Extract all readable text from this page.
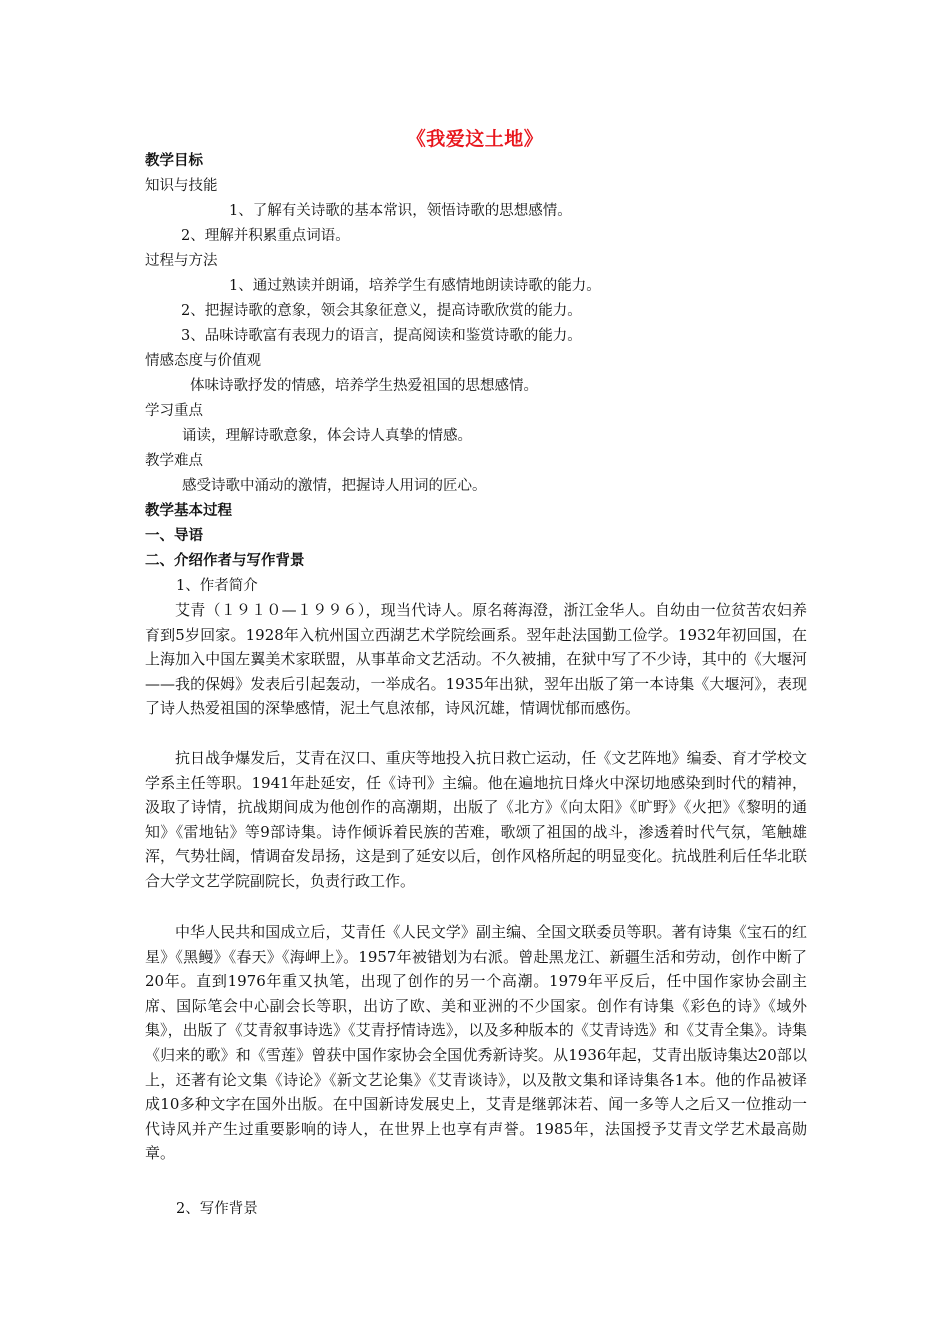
《我爱这土地》
教学目标
知识与技能
1、了解有关诗歌的基本常识，领悟诗歌的思想感情。
2、理解并积累重点词语。
过程与方法
1、通过熟读并朗诵，培养学生有感情地朗读诗歌的能力。
2、把握诗歌的意象，领会其象征意义，提高诗歌欣赏的能力。
3、品味诗歌富有表现力的语言，提高阅读和鉴赏诗歌的能力。
情感态度与价值观
体味诗歌抒发的情感，培养学生热爱祖国的思想感情。
学习重点
诵读，理解诗歌意象，体会诗人真挚的情感。
教学难点
感受诗歌中涌动的激情，把握诗人用词的匠心。
教学基本过程
一、导语
二、介绍作者与写作背景
1、作者简介
艾青（１９１０—１９９６），现当代诗人。原名蒋海澄，浙江金华人。自幼由一位贫苦农妇养育到5岁回家。1928年入杭州国立西湖艺术学院绘画系。翌年赴法国勤工俭学。1932年初回国，在上海加入中国左翼美术家联盟，从事革命文艺活动。不久被捕，在狱中写了不少诗，其中的《大堰河——我的保姆》发表后引起轰动，一举成名。1935年出狱，翌年出版了第一本诗集《大堰河》，表现了诗人热爱祖国的深挚感情，泥土气息浓郁，诗风沉雄，情调忧郁而感伤。
抗日战争爆发后，艾青在汉口、重庆等地投入抗日救亡运动，任《文艺阵地》编委、育才学校文学系主任等职。1941年赴延安，任《诗刊》主编。他在遍地抗日烽火中深切地感染到时代的精神，汲取了诗情，抗战期间成为他创作的高潮期，出版了《北方》《向太阳》《旷野》《火把》《黎明的通知》《雷地钻》等9部诗集。诗作倾诉着民族的苦难，歌颂了祖国的战斗，渗透着时代气氛，笔触雄浑，气势壮阔，情调奋发昂扬，这是到了延安以后，创作风格所起的明显变化。抗战胜利后任华北联合大学文艺学院副院长，负责行政工作。
中华人民共和国成立后，艾青任《人民文学》副主编、全国文联委员等职。著有诗集《宝石的红星》《黑鳗》《春天》《海岬上》。1957年被错划为右派。曾赴黑龙江、新疆生活和劳动，创作中断了20年。直到1976年重又执笔，出现了创作的另一个高潮。1979年平反后，任中国作家协会副主席、国际笔会中心副会长等职，出访了欧、美和亚洲的不少国家。创作有诗集《彩色的诗》《域外集》，出版了《艾青叙事诗选》《艾青抒情诗选》，以及多种版本的《艾青诗选》和《艾青全集》。诗集《归来的歌》和《雪莲》曾获中国作家协会全国优秀新诗奖。从1936年起，艾青出版诗集达20部以上，还著有论文集《诗论》《新文艺论集》《艾青谈诗》，以及散文集和译诗集各1本。他的作品被译成10多种文字在国外出版。在中国新诗发展史上，艾青是继郭沫若、闻一多等人之后又一位推动一代诗风并产生过重要影响的诗人，在世界上也享有声誉。1985年，法国授予艾青文学艺术最高勋章。
2、写作背景
